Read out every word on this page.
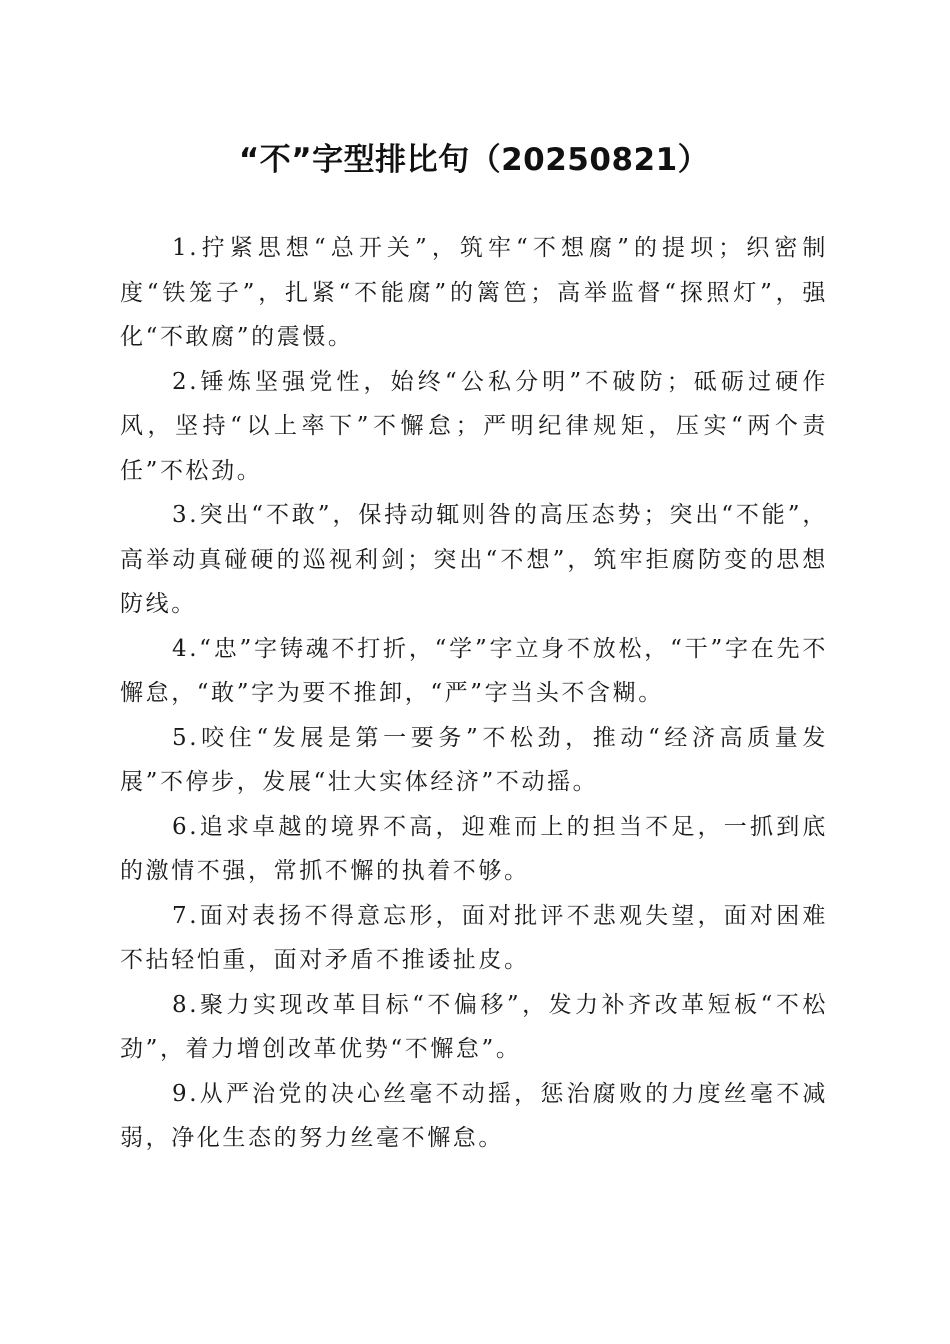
“不”字型排比句（20250821）

1.拧紧思想“总开关”，筑牢“不想腐”的提坝；织密制度“铁笼子”，扎紧“不能腐”的篱笆；高举监督“探照灯”，强化“不敢腐”的震慑。

2.锤炼坚强党性，始终“公私分明”不破防；砥砺过硬作风，坚持“以上率下”不懈怠；严明纪律规矩，压实“两个责任”不松劲。

3.突出“不敢”，保持动辄则咎的高压态势；突出“不能”，高举动真碰硬的巡视利剑；突出“不想”，筑牢拒腐防变的思想防线。

4.“忠”字铸魂不打折，“学”字立身不放松，“干”字在先不懈怠，“敢”字为要不推卸，“严”字当头不含糊。

5.咬住“发展是第一要务”不松劲，推动“经济高质量发展”不停步，发展“壮大实体经济”不动摇。

6.追求卓越的境界不高，迎难而上的担当不足，一抓到底的激情不强，常抓不懈的执着不够。

7.面对表扬不得意忘形，面对批评不悲观失望，面对困难不拈轻怕重，面对矛盾不推诿扯皮。

8.聚力实现改革目标“不偏移”，发力补齐改革短板“不松劲”，着力增创改革优势“不懈怠”。

9.从严治党的决心丝毫不动摇，惩治腐败的力度丝毫不减弱，净化生态的努力丝毫不懈怠。
